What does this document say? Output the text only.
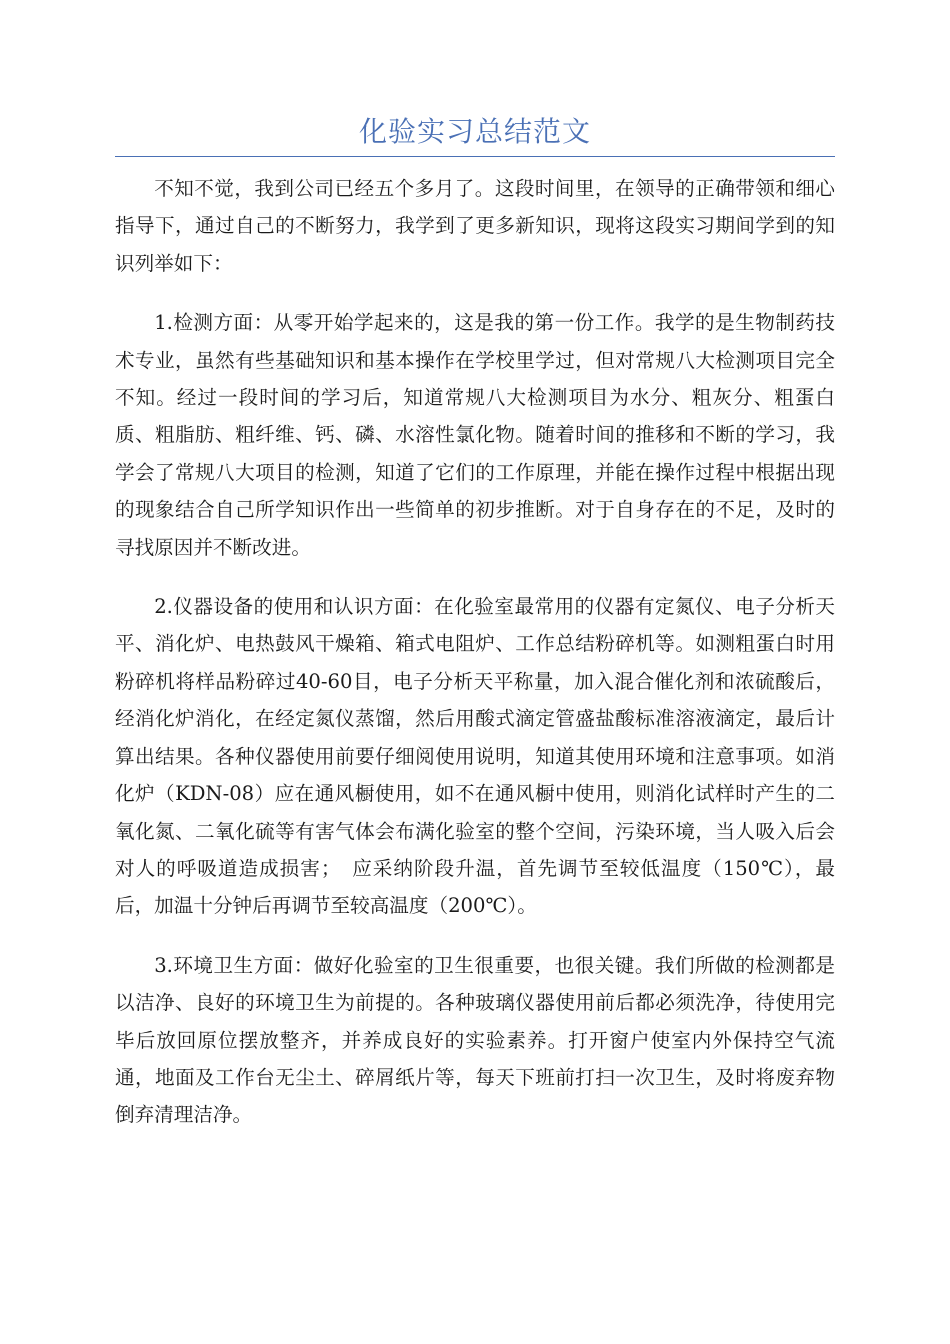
化验实习总结范文

不知不觉，我到公司已经五个多月了。这段时间里，在领导的正确带领和细心指导下，通过自己的不断努力，我学到了更多新知识，现将这段实习期间学到的知识列举如下：

1.检测方面：从零开始学起来的，这是我的第一份工作。我学的是生物制药技术专业，虽然有些基础知识和基本操作在学校里学过，但对常规八大检测项目完全不知。经过一段时间的学习后，知道常规八大检测项目为水分、粗灰分、粗蛋白质、粗脂肪、粗纤维、钙、磷、水溶性氯化物。随着时间的推移和不断的学习，我学会了常规八大项目的检测，知道了它们的工作原理，并能在操作过程中根据出现的现象结合自己所学知识作出一些简单的初步推断。对于自身存在的不足，及时的寻找原因并不断改进。

2.仪器设备的使用和认识方面：在化验室最常用的仪器有定氮仪、电子分析天平、消化炉、电热鼓风干燥箱、箱式电阻炉、工作总结粉碎机等。如测粗蛋白时用粉碎机将样品粉碎过40-60目，电子分析天平称量，加入混合催化剂和浓硫酸后，经消化炉消化，在经定氮仪蒸馏，然后用酸式滴定管盛盐酸标准溶液滴定，最后计算出结果。各种仪器使用前要仔细阅使用说明，知道其使用环境和注意事项。如消化炉（KDN-08）应在通风橱使用，如不在通风橱中使用，则消化试样时产生的二氧化氮、二氧化硫等有害气体会布满化验室的整个空间，污染环境，当人吸入后会对人的呼吸道造成损害；　应采纳阶段升温，首先调节至较低温度（150℃），最后，加温十分钟后再调节至较高温度（200℃）。

3.环境卫生方面：做好化验室的卫生很重要，也很关键。我们所做的检测都是以洁净、良好的环境卫生为前提的。各种玻璃仪器使用前后都必须洗净，待使用完毕后放回原位摆放整齐，并养成良好的实验素养。打开窗户使室内外保持空气流通，地面及工作台无尘土、碎屑纸片等，每天下班前打扫一次卫生，及时将废弃物倒弃清理洁净。
